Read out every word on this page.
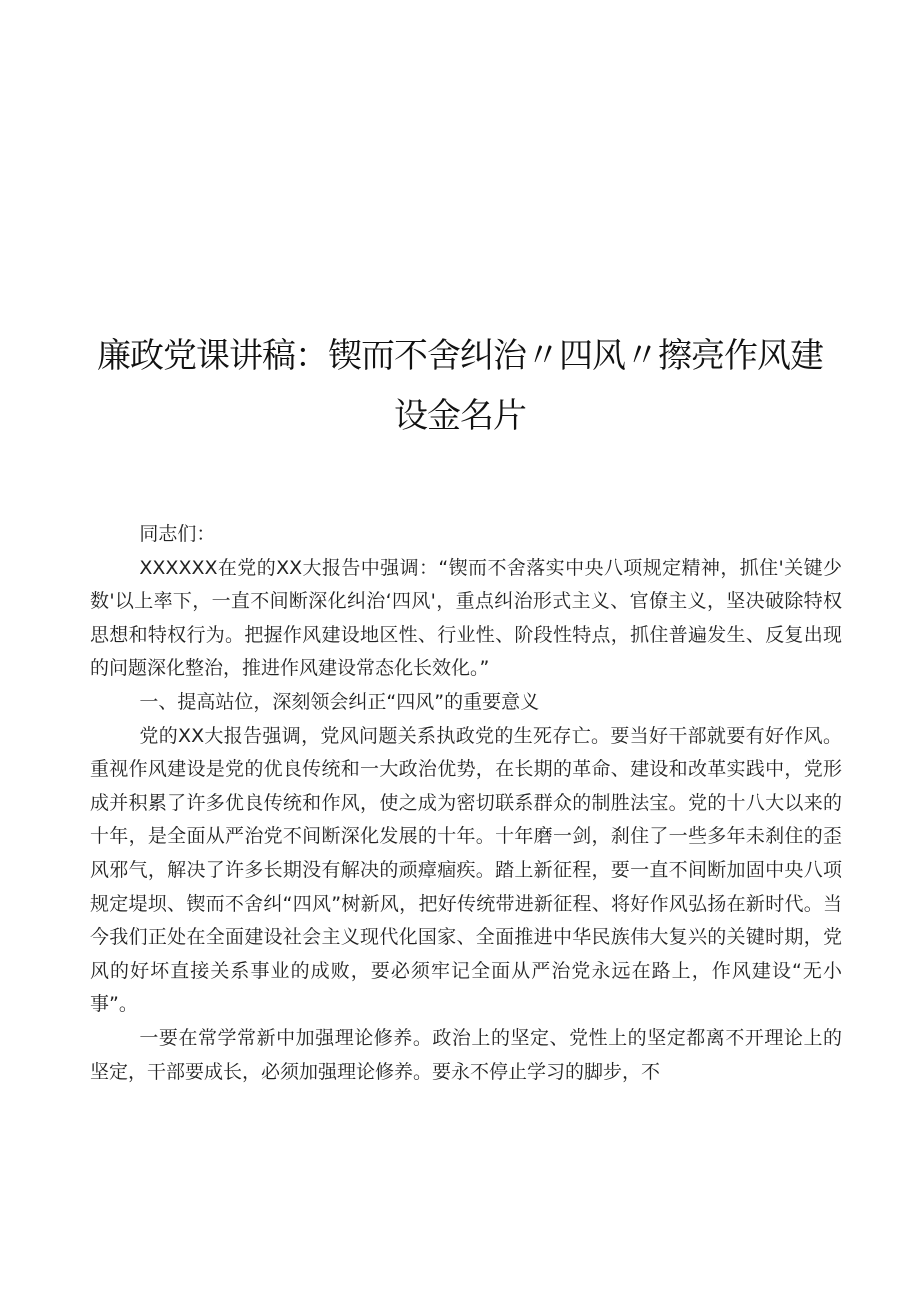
廉政党课讲稿：锲而不舍纠治〃四风〃擦亮作风建设金名片

同志们：

XXXXXX在党的XX大报告中强调：“锲而不舍落实中央八项规定精神，抓住'关键少数'以上率下，一直不间断深化纠治‘四风'，重点纠治形式主义、官僚主义，坚决破除特权思想和特权行为。把握作风建设地区性、行业性、阶段性特点，抓住普遍发生、反复出现的问题深化整治，推进作风建设常态化长效化。”

一、提高站位，深刻领会纠正“四风”的重要意义

党的XX大报告强调，党风问题关系执政党的生死存亡。要当好干部就要有好作风。重视作风建设是党的优良传统和一大政治优势，在长期的革命、建设和改革实践中，党形成并积累了许多优良传统和作风，使之成为密切联系群众的制胜法宝。党的十八大以来的十年，是全面从严治党不间断深化发展的十年。十年磨一剑，刹住了一些多年未刹住的歪风邪气，解决了许多长期没有解决的顽瘴痼疾。踏上新征程，要一直不间断加固中央八项规定堤坝、锲而不舍纠“四风”树新风，把好传统带进新征程、将好作风弘扬在新时代。当今我们正处在全面建设社会主义现代化国家、全面推进中华民族伟大复兴的关键时期，党风的好坏直接关系事业的成败，要必须牢记全面从严治党永远在路上，作风建设“无小事”。

一要在常学常新中加强理论修养。政治上的坚定、党性上的坚定都离不开理论上的坚定，干部要成长，必须加强理论修养。要永不停止学习的脚步，不
